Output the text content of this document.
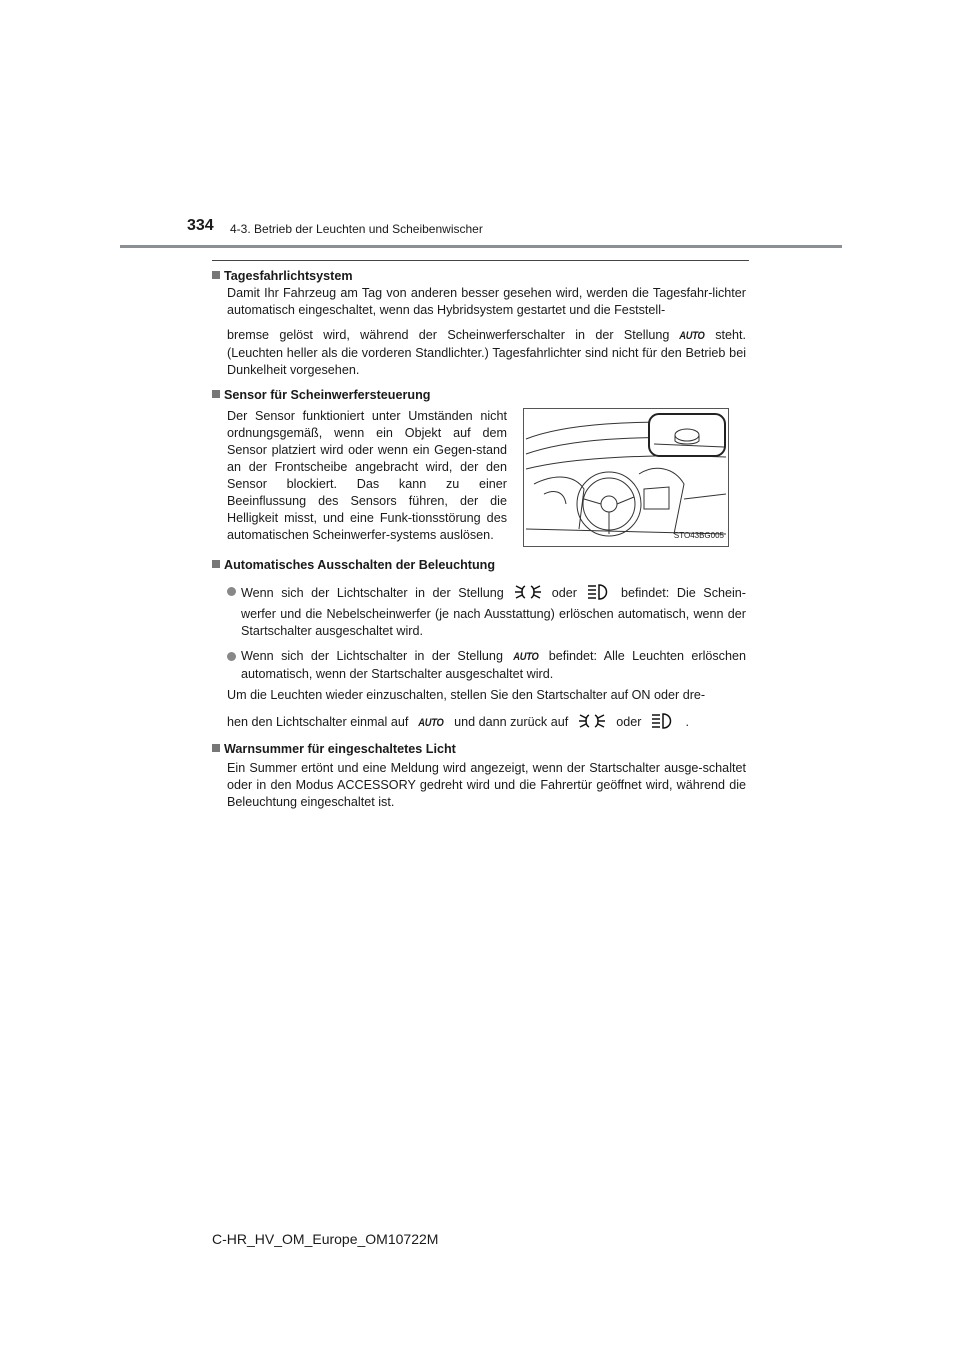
334 4-3. Betrieb der Leuchten und Scheibenwischer

Tagesfahrlichtsystem

Damit Ihr Fahrzeug am Tag von anderen besser gesehen wird, werden die Tagesfahr-lichter automatisch eingeschaltet, wenn das Hybridsystem gestartet und die Feststell-

bremse gelöst wird, während der Scheinwerferschalter in der Stellung AUTO steht. (Leuchten heller als die vorderen Standlichter.) Tagesfahrlichter sind nicht für den Betrieb bei Dunkelheit vorgesehen.

Sensor für Scheinwerfersteuerung

Der Sensor funktioniert unter Umständen nicht ordnungsgemäß, wenn ein Objekt auf dem Sensor platziert wird oder wenn ein Gegen-stand an der Frontscheibe angebracht wird, der den Sensor blockiert. Das kann zu einer Beeinflussung des Sensors führen, der die Helligkeit misst, und eine Funk-tionsstörung des automatischen Scheinwerfer-systems auslösen.	STO43BG005

Automatisches Ausschalten der Beleuchtung

Wenn sich der Lichtschalter in der Stellung	oder	befindet: Die Schein-werfer und die Nebelscheinwerfer (je nach Ausstattung) erlöschen automatisch, wenn der Startschalter ausgeschaltet wird.
Wenn sich der Lichtschalter in der Stellung AUTO befindet: Alle Leuchten erlöschen automatisch, wenn der Startschalter ausgeschaltet wird.

Um die Leuchten wieder einzuschalten, stellen Sie den Startschalter auf ON oder dre-

hen den Lichtschalter einmal auf AUTO und dann zurück auf	oder	.

Warnsummer für eingeschaltetes Licht

Ein Summer ertönt und eine Meldung wird angezeigt, wenn der Startschalter ausge-schaltet oder in den Modus ACCESSORY gedreht wird und die Fahrertür geöffnet wird, während die Beleuchtung eingeschaltet ist.

C-HR_HV_OM_Europe_OM10722M
